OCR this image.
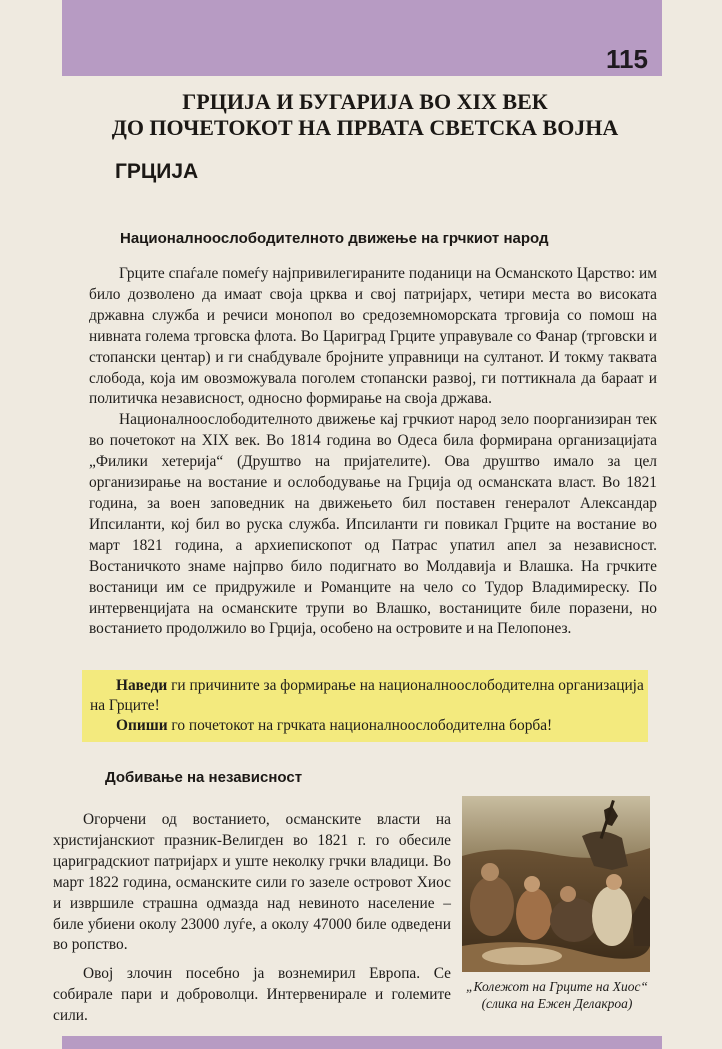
115
ГРЦИЈА И БУГАРИЈА ВО XIX ВЕК
ДО ПОЧЕТОКОТ НА ПРВАТА СВЕТСКА ВОЈНА
ГРЦИЈА
Националноослободителното движење на грчкиот народ

Грците спаѓале помеѓу најпривилегираните поданици на Османското Царство: им било дозволено да имаат своја црква и свој патријарх, четири места во високата државна служба и речиси монопол во средоземноморската трговија со помош на нивната голема трговска флота. Во Цариград Грците управувале со Фанар (трговски и стопански центар) и ги снабдувале бројните управници на султанот. И токму таквата слобода, која им овозможувала поголем стопански развој, ги поттикнала да бараат и политичка независност, односно формирање на своја држава.

Националноослободителното движење кај грчкиот народ зело поорганизиран тек во почетокот на XIX век. Во 1814 година во Одеса била формирана организацијата „Филики хетерија“ (Друштво на пријателите). Ова друштво имало за цел организирање на востание и ослободување на Грција од османската власт. Во 1821 година, за воен заповедник на движењето бил поставен генералот Александар Ипсиланти, кој бил во руска служба. Ипсиланти ги повикал Грците на востание во март 1821 година, а архиепископот од Патрас упатил апел за независност. Востаничкото знаме најпрво било подигнато во Молдавија и Влашка. На грчките востаници им се придружиле и Романците на чело со Тудор Владимиреску. По интервенцијата на османските трупи во Влашко, востаниците биле поразени, но востанието продолжило во Грција, особено на островите и на Пелопонез.

Наведи ги причините за формирање на националноослободителна организација на Грците!

Опиши го почетокот на грчката националноослободителна борба!

Добивање на независност

Огорчени од востанието, османските власти на христијанскиот празник-Велигден во 1821 г. го обесиле цариградскиот патријарх и уште неколку грчки владици. Во март 1822 година, османските сили го зазеле островот Хиос и извршиле страшна одмазда над невиното население – биле убиени околу 23000 луѓе, а околу 47000 биле одведени во ропство.

Овој злочин посебно ја вознемирил Европа. Се собирале пари и доброволци. Интервенирале и големите сили.

„Колежот на Грците на Хиос“ (слика на Ежен Делакроа)
